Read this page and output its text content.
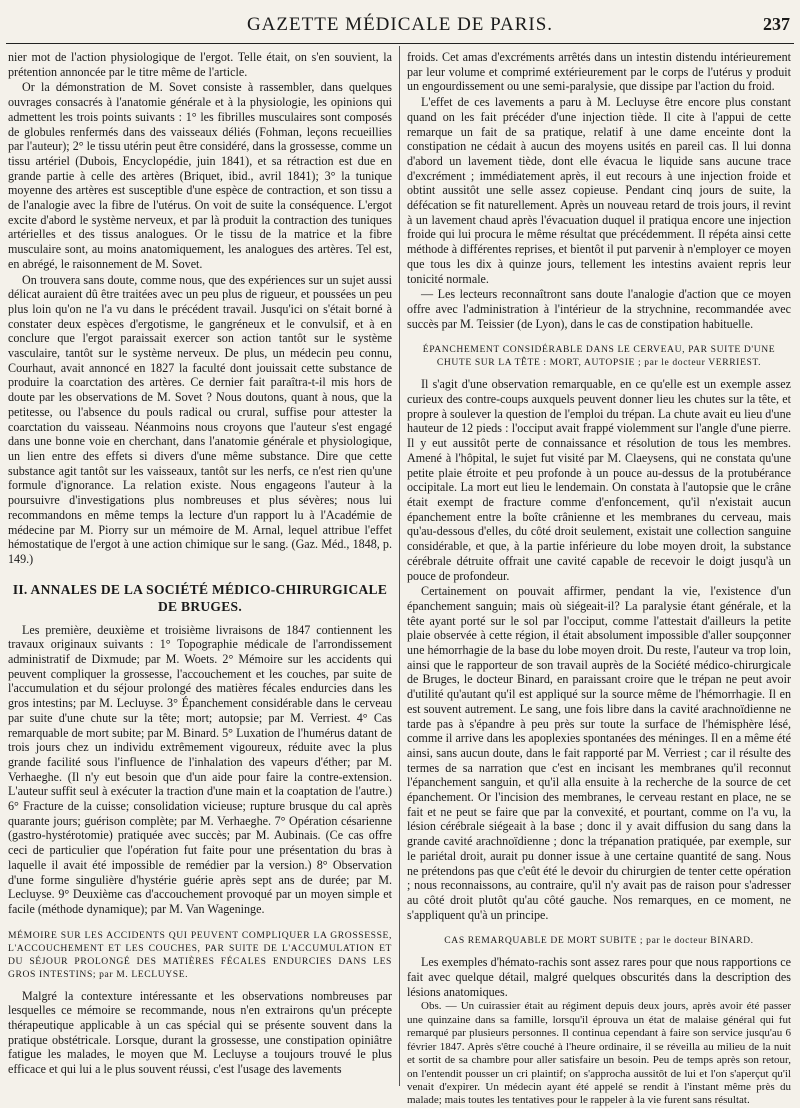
GAZETTE MÉDICALE DE PARIS.	237

nier mot de l'action physiologique de l'ergot. Telle était, on s'en souvient, la prétention annoncée par le titre même de l'article.

Or la démonstration de M. Sovet consiste à rassembler, dans quelques ouvrages consacrés à l'anatomie générale et à la physiologie, les opinions qui admettent les trois points suivants : 1° les fibrilles musculaires sont composés de globules renfermés dans des vaisseaux déliés (Fohman, leçons recueillies par l'auteur); 2° le tissu utérin peut être considéré, dans la grossesse, comme un tissu artériel (Dubois, Encyclopédie, juin 1841), et sa rétraction est due en grande partie à celle des artères (Briquet, ibid., avril 1841); 3° la tunique moyenne des artères est susceptible d'une espèce de contraction, et son tissu a de l'analogie avec la fibre de l'utérus. On voit de suite la conséquence. L'ergot excite d'abord le système nerveux, et par là produit la contraction des tuniques artérielles et des tissus analogues. Or le tissu de la matrice et la fibre musculaire sont, au moins anatomiquement, les analogues des artères. Tel est, en abrégé, le raisonnement de M. Sovet.

On trouvera sans doute, comme nous, que des expériences sur un sujet aussi délicat auraient dû être traitées avec un peu plus de rigueur, et poussées un peu plus loin qu'on ne l'a vu dans le précédent travail. Jusqu'ici on s'était borné à constater deux espèces d'ergotisme, le gangréneux et le convulsif, et à en conclure que l'ergot paraissait exercer son action tantôt sur le système vasculaire, tantôt sur le système nerveux. De plus, un médecin peu connu, Courhaut, avait annoncé en 1827 la faculté dont jouissait cette substance de produire la coarctation des artères. Ce dernier fait paraîtra-t-il mis hors de doute par les observations de M. Sovet ? Nous doutons, quant à nous, que la petitesse, ou l'absence du pouls radical ou crural, suffise pour attester la coarctation du vaisseau. Néanmoins nous croyons que l'auteur s'est engagé dans une bonne voie en cherchant, dans l'anatomie générale et physiologique, un lien entre des effets si divers d'une même substance. Dire que cette substance agit tantôt sur les vaisseaux, tantôt sur les nerfs, ce n'est rien qu'une formule d'ignorance. La relation existe. Nous engageons l'auteur à la poursuivre d'investigations plus nombreuses et plus sévères; nous lui recommandons en même temps la lecture d'un rapport lu à l'Académie de médecine par M. Piorry sur un mémoire de M. Arnal, lequel attribue l'effet hémostatique de l'ergot à une action chimique sur le sang. (Gaz. Méd., 1848, p. 149.)

II. ANNALES DE LA SOCIÉTÉ MÉDICO-CHIRURGICALE DE BRUGES.

Les première, deuxième et troisième livraisons de 1847 contiennent les travaux originaux suivants : 1° Topographie médicale de l'arrondissement administratif de Dixmude; par M. Woets. 2° Mémoire sur les accidents qui peuvent compliquer la grossesse, l'accouchement et les couches, par suite de l'accumulation et du séjour prolongé des matières fécales endurcies dans les gros intestins; par M. Lecluyse. 3° Épanchement considérable dans le cerveau par suite d'une chute sur la tête; mort; autopsie; par M. Verriest. 4° Cas remarquable de mort subite; par M. Binard. 5° Luxation de l'humérus datant de trois jours chez un individu extrêmement vigoureux, réduite avec la plus grande facilité sous l'influence de l'inhalation des vapeurs d'éther; par M. Verhaeghe. (Il n'y eut besoin que d'un aide pour faire la contre-extension. L'auteur suffit seul à exécuter la traction d'une main et la coaptation de l'autre.) 6° Fracture de la cuisse; consolidation vicieuse; rupture brusque du cal après quarante jours; guérison complète; par M. Verhaeghe. 7° Opération césarienne (gastro-hystérotomie) pratiquée avec succès; par M. Aubinais. (Ce cas offre ceci de particulier que l'opération fut faite pour une présentation du bras à laquelle il avait été impossible de remédier par la version.) 8° Observation d'une forme singulière d'hystérie guérie après sept ans de durée; par M. Lecluyse. 9° Deuxième cas d'accouchement provoqué par un moyen simple et facile (méthode dynamique); par M. Van Wageninge.

MÉMOIRE SUR LES ACCIDENTS QUI PEUVENT COMPLIQUER LA GROSSESSE, L'ACCOUCHEMENT ET LES COUCHES, PAR SUITE DE L'ACCUMULATION ET DU SÉJOUR PROLONGÉ DES MATIÈRES FÉCALES ENDURCIES DANS LES GROS INTESTINS; par M. LECLUYSE.

Malgré la contexture intéressante et les observations nombreuses par lesquelles ce mémoire se recommande, nous n'en extrairons qu'un précepte thérapeutique applicable à un cas spécial qui se présente souvent dans la pratique obstétricale. Lorsque, durant la grossesse, une constipation opiniâtre fatigue les malades, le moyen que M. Lecluyse a toujours trouvé le plus efficace et qui lui a le plus souvent réussi, c'est l'usage des lavements

froids. Cet amas d'excréments arrêtés dans un intestin distendu intérieurement par leur volume et comprimé extérieurement par le corps de l'utérus y produit un engourdissement ou une semi-paralysie, que dissipe par l'action du froid.

L'effet de ces lavements a paru à M. Lecluyse être encore plus constant quand on les fait précéder d'une injection tiède. Il cite à l'appui de cette remarque un fait de sa pratique, relatif à une dame enceinte dont la constipation ne cédait à aucun des moyens usités en pareil cas. Il lui donna d'abord un lavement tiède, dont elle évacua le liquide sans aucune trace d'excrément ; immédiatement après, il eut recours à une injection froide et obtint aussitôt une selle assez copieuse. Pendant cinq jours de suite, la défécation se fit naturellement. Après un nouveau retard de trois jours, il revint à un lavement chaud après l'évacuation duquel il pratiqua encore une injection froide qui lui procura le même résultat que précédemment. Il répéta ainsi cette méthode à différentes reprises, et bientôt il put parvenir à n'employer ce moyen que tous les dix à quinze jours, tellement les intestins avaient repris leur tonicité normale.

— Les lecteurs reconnaîtront sans doute l'analogie d'action que ce moyen offre avec l'administration à l'intérieur de la strychnine, recommandée avec succès par M. Teissier (de Lyon), dans le cas de constipation habituelle.

ÉPANCHEMENT CONSIDÉRABLE DANS LE CERVEAU, PAR SUITE D'UNE CHUTE SUR LA TÊTE : MORT, AUTOPSIE ; par le docteur VERRIEST.

Il s'agit d'une observation remarquable, en ce qu'elle est un exemple assez curieux des contre-coups auxquels peuvent donner lieu les chutes sur la tête, et propre à soulever la question de l'emploi du trépan. La chute avait eu lieu d'une hauteur de 12 pieds : l'occiput avait frappé violemment sur l'angle d'une pierre. Il y eut aussitôt perte de connaissance et résolution de tous les membres. Amené à l'hôpital, le sujet fut visité par M. Claeysens, qui ne constata qu'une petite plaie étroite et peu profonde à un pouce au-dessus de la protubérance occipitale. La mort eut lieu le lendemain. On constata à l'autopsie que le crâne était exempt de fracture comme d'enfoncement, qu'il n'existait aucun épanchement entre la boîte crânienne et les membranes du cerveau, mais qu'au-dessous d'elles, du côté droit seulement, existait une collection sanguine considérable, et que, à la partie inférieure du lobe moyen droit, la substance cérébrale détruite offrait une cavité capable de recevoir le doigt jusqu'à un pouce de profondeur.

Certainement on pouvait affirmer, pendant la vie, l'existence d'un épanchement sanguin; mais où siégeait-il? La paralysie étant générale, et la tête ayant porté sur le sol par l'occiput, comme l'attestait d'ailleurs la petite plaie observée à cette région, il était absolument impossible d'aller soupçonner une hémorrhagie de la base du lobe moyen droit. Du reste, l'auteur va trop loin, ainsi que le rapporteur de son travail auprès de la Société médico-chirurgicale de Bruges, le docteur Binard, en paraissant croire que le trépan ne peut avoir d'utilité qu'autant qu'il est appliqué sur la source même de l'hémorrhagie. Il en est souvent autrement. Le sang, une fois libre dans la cavité arachnoïdienne ne tarde pas à s'épandre à peu près sur toute la surface de l'hémisphère lésé, comme il arrive dans les apoplexies spontanées des méninges. Il en a même été ainsi, sans aucun doute, dans le fait rapporté par M. Verriest ; car il résulte des termes de sa narration que c'est en incisant les membranes qu'il reconnut l'épanchement sanguin, et qu'il alla ensuite à la recherche de la source de cet épanchement. Or l'incision des membranes, le cerveau restant en place, ne se fait et ne peut se faire que par la convexité, et pourtant, comme on l'a vu, la lésion cérébrale siégeait à la base ; donc il y avait diffusion du sang dans la grande cavité arachnoïdienne ; donc la trépanation pratiquée, par exemple, sur le pariétal droit, aurait pu donner issue à une certaine quantité de sang. Nous ne prétendons pas que c'eût été le devoir du chirurgien de tenter cette opération ; nous reconnaissons, au contraire, qu'il n'y avait pas de raison pour s'adresser au côté droit plutôt qu'au côté gauche. Nos remarques, en ce moment, ne s'appliquent qu'à un principe.

CAS REMARQUABLE DE MORT SUBITE ; par le docteur BINARD.

Les exemples d'hémato-rachis sont assez rares pour que nous rapportions ce fait avec quelque détail, malgré quelques obscurités dans la description des lésions anatomiques.

Obs. — Un cuirassier était au régiment depuis deux jours, après avoir été passer une quinzaine dans sa famille, lorsqu'il éprouva un état de malaise général qui fut remarqué par plusieurs personnes. Il continua cependant à faire son service jusqu'au 6 février 1847. Après s'être couché à l'heure ordinaire, il se réveilla au milieu de la nuit et sortit de sa chambre pour aller satisfaire un besoin. Peu de temps après son retour, on l'entendit pousser un cri plaintif; on s'approcha aussitôt de lui et l'on s'aperçut qu'il venait d'expirer. Un médecin ayant été appelé se rendit à l'instant même près du malade; mais toutes les tentatives pour le rappeler à la vie furent sans résultat.
